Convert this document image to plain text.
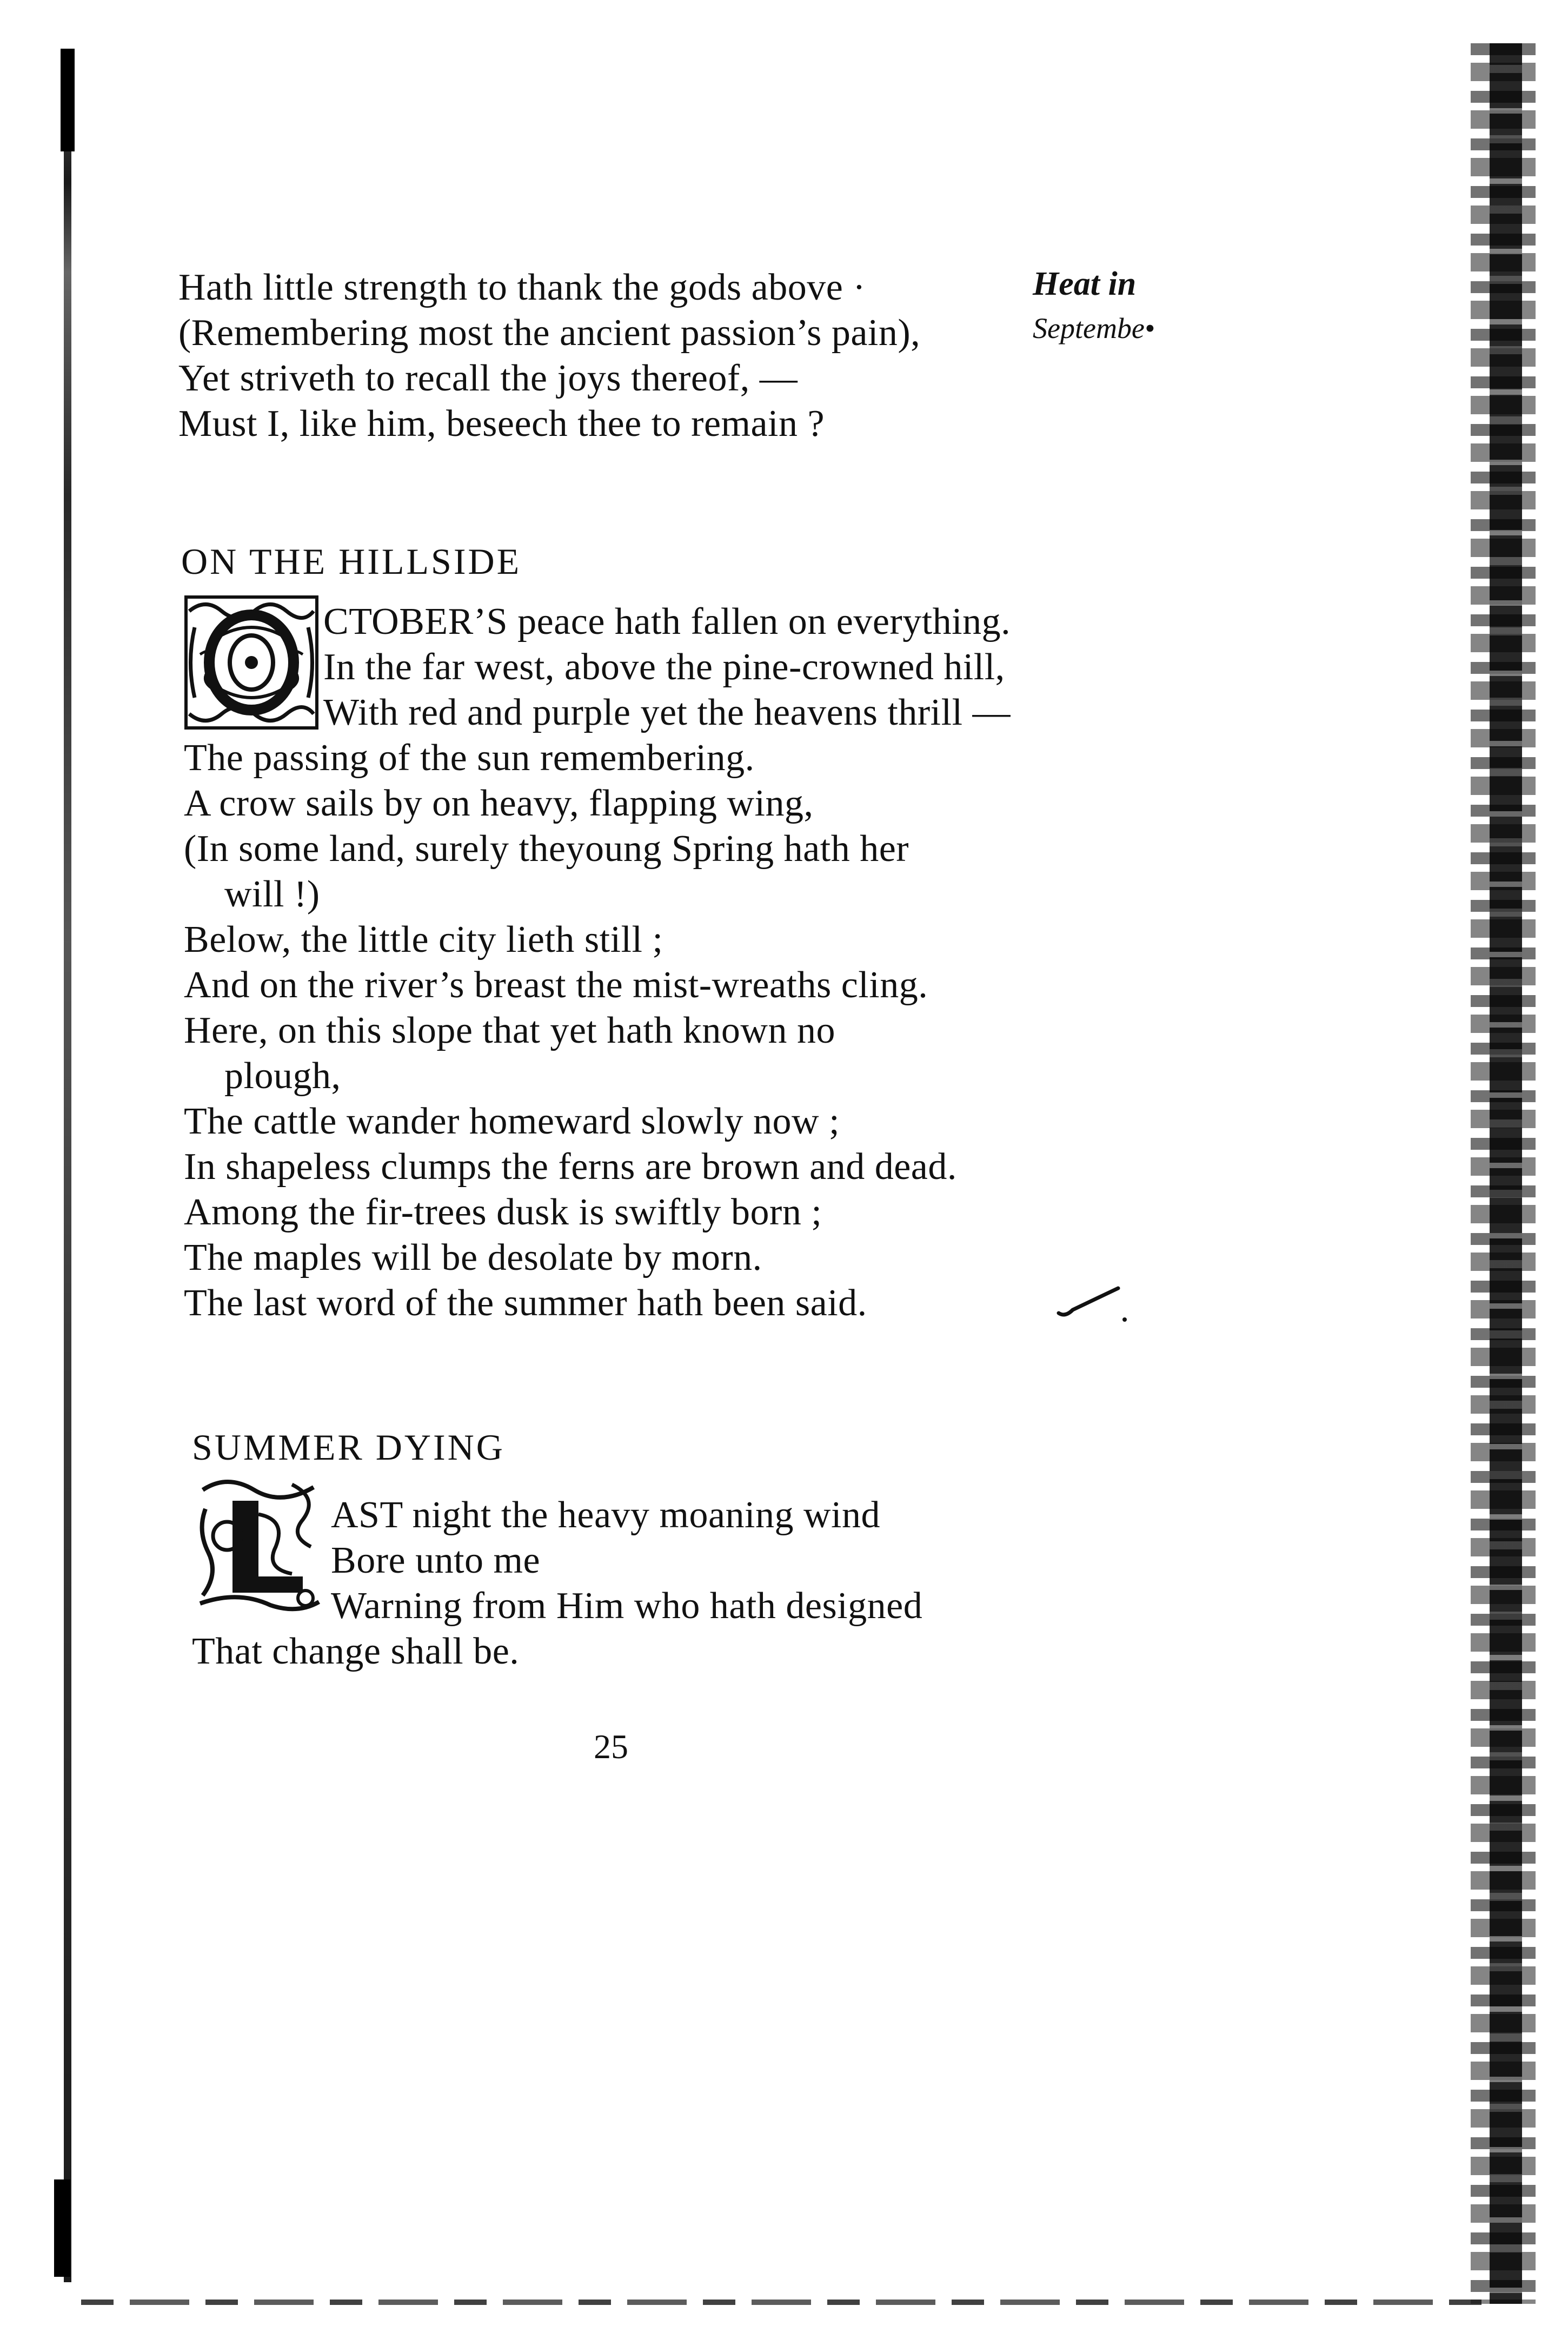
Hath little strength to thank the gods above ·
(Remembering most the ancient passion’s pain),
Yet striveth to recall the joys thereof, —
Must I, like him, beseech thee to remain ?
Heat in
Septembe•
ON THE HILLSIDE
CTOBER’S peace hath fallen on everything.
In the far west, above the pine-crowned hill,
With red and purple yet the heavens thrill —
The passing of the sun remembering.
A crow sails by on heavy, flapping wing,
(In some land, surely theyoung Spring hath her
will !)
Below, the little city lieth still ;
And on the river’s breast the mist-wreaths cling.
Here, on this slope that yet hath known no
plough,
The cattle wander homeward slowly now ;
In shapeless clumps the ferns are brown and dead.
Among the fir-trees dusk is swiftly born ;
The maples will be desolate by morn.
The last word of the summer hath been said.
SUMMER DYING
AST night the heavy moaning wind
Bore unto me
Warning from Him who hath designed
That change shall be.
25
